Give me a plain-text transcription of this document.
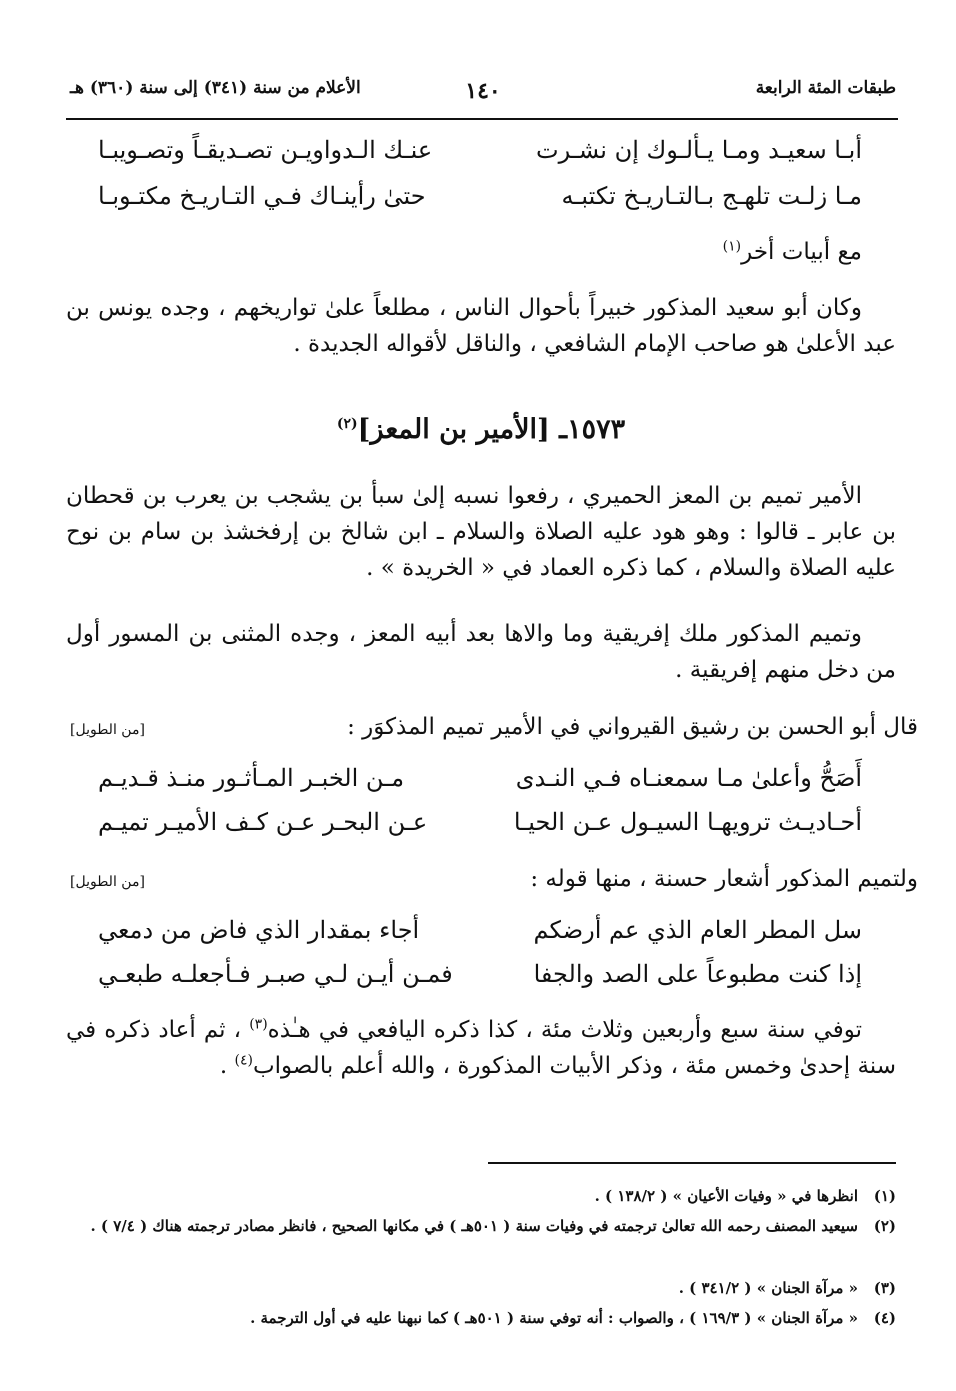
طبقات المئة الرابعة
١٤٠
الأعلام من سنة (٣٤١) إلى سنة (٣٦٠) هـ
أبـا سعيـد ومـا يـألـوك إن نشـرت
عنـك الـدواويـن تصـديقـاً وتصـويبـا
مـا زلـت تلهـج بـالتـاريـخ تكتبـه
حتىٰ رأينـاك فـي التـاريـخ مكتـوبـا
مع أبيات أخر$^{(١)}$
وكان أبو سعيد المذكور خبيراً بأحوال الناس ، مطلعاً علىٰ تواريخهم ، وجده يونس بن عبد الأعلىٰ هو صاحب الإمام الشافعي ، والناقل لأقواله الجديدة .
١٥٧٣ـ [الأمير بن المعز]$^{(٢)}$
الأمير تميم بن المعز الحميري ، رفعوا نسبه إلىٰ سبأ بن يشجب بن يعرب بن قحطان بن عابر ـ قالوا : وهو هود عليه الصلاة والسلام ـ ابن شالخ بن إرفخشذ بن سام بن نوح عليه الصلاة والسلام ، كما ذكره العماد في « الخريدة » .
وتميم المذكور ملك إفريقية وما والاها بعد أبيه المعز ، وجده المثنى بن المسور أول من دخل منهم إفريقية .
قال أبو الحسن بن رشيق القيرواني في الأمير تميم المذكوَر :
[من الطويل]
أَصَحُّ وأعلىٰ مـا سمعنـاه فـي النـدى
مـن الخبـر المـأثـور منـذ قـديـم
أحـاديـث ترويهـا السيـول عـن الحيـا
عـن البحـر عـن كـف الأميـر تميـم
ولتميم المذكور أشعار حسنة ، منها قوله :
[من الطويل]
سل المطر العام الذي عم أرضكم
أجاء بمقدار الذي فاض من دمعي
إذا كنت مطبوعاً على الصد والجفا
فمـن أيـن لـي صبـر فـأجعلـه طبعـي
توفي سنة سبع وأربعين وثلاث مئة ، كذا ذكره اليافعي في هـٰذه$^{(٣)}$ ، ثم أعاد ذكره في سنة إحدىٰ وخمس مئة ، وذكر الأبيات المذكورة ، والله أعلم بالصواب$^{(٤)}$ .
(١)
انظرها في « وفيات الأعيان » ( ١٣٨/٢ ) .
(٢)
سيعيد المصنف رحمه الله تعالىٰ ترجمته في وفيات سنة ( ٥٠١هـ ) في مكانها الصحيح ، فانظر مصادر ترجمته هناك ( ٧/٤ ) .
(٣)
« مرآة الجنان » ( ٣٤١/٢ ) .
(٤)
« مرآة الجنان » ( ١٦٩/٣ ) ، والصواب : أنه توفي سنة ( ٥٠١هـ ) كما نبهنا عليه في أول الترجمة .
